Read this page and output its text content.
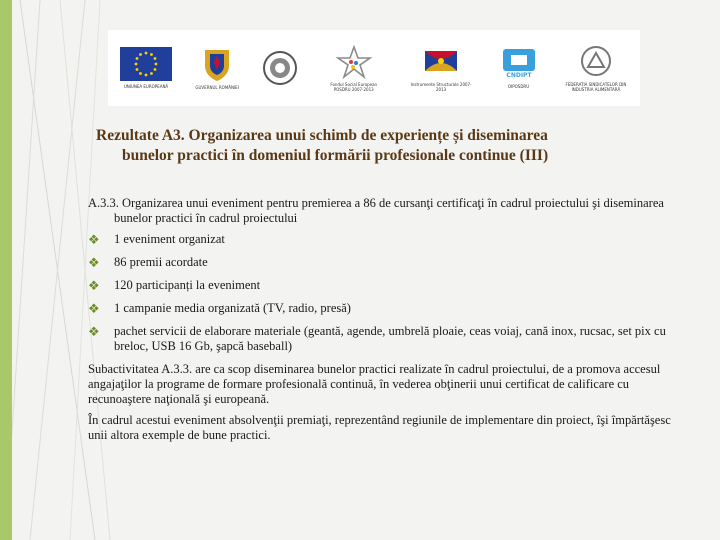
UNIUNEA EUROPEANĂ	GUVERNUL ROMÂNIEI
Fondul Social European POSDRU 2007-2013
Instrumente Structurale 2007-2013
CNDIPT
OIPOSDRU	FEDERAȚIA SINDICATELOR DIN INDUSTRIA ALIMENTARĂ
Rezultate A3. Organizarea unui schimb de experiențe și diseminarea
bunelor practici în domeniul formării profesionale continue (III)
A.3.3. Organizarea unui eveniment pentru premierea a 86 de cursanţi certificaţi în cadrul proiectului şi diseminarea bunelor practici în cadrul proiectului
❖ 1 eveniment organizat
❖ 86 premii acordate
❖ 120 participanți la eveniment
❖ 1 campanie media organizată (TV, radio, presă)
❖ pachet servicii de elaborare materiale (geantă, agende, umbrelă ploaie, ceas voiaj, cană inox, rucsac, set pix cu breloc, USB 16 Gb, şapcă baseball)

Subactivitatea A.3.3. are ca scop diseminarea bunelor practici realizate în cadrul proiectului, de a promova accesul angajaţilor la programe de formare profesională continuă, în vederea obţinerii unui certificat de calificare cu recunoaştere naţională şi europeană.

În cadrul acestui eveniment absolvenţii premiaţi, reprezentând regiunile de implementare din proiect, îşi împărtăşesc unii altora exemple de bune practici.
